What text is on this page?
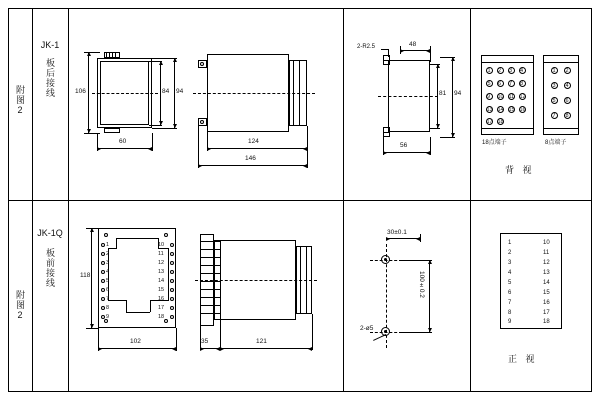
附图2
JK-1
板后接线	106	84 94
60	124
146
2-R2.5	48
81 94
56
1 2 3 4
5 6 7 8
9 10 11 12
13 14 15 16
17 18
18点端子
1 2
3 4
5 6
7 8
8点端子
背 视
附图2
JK-1Q
板前接线
1
2
3
4
5
6
7
8
9
10
11
12
13
14
15
16
17
18
118
102	35	121
30±0.1
100±0.2
2-ø5
1
2
3
4
5
6
7
8
9
10
11
12
13
14
15
16
17
18
正 视
